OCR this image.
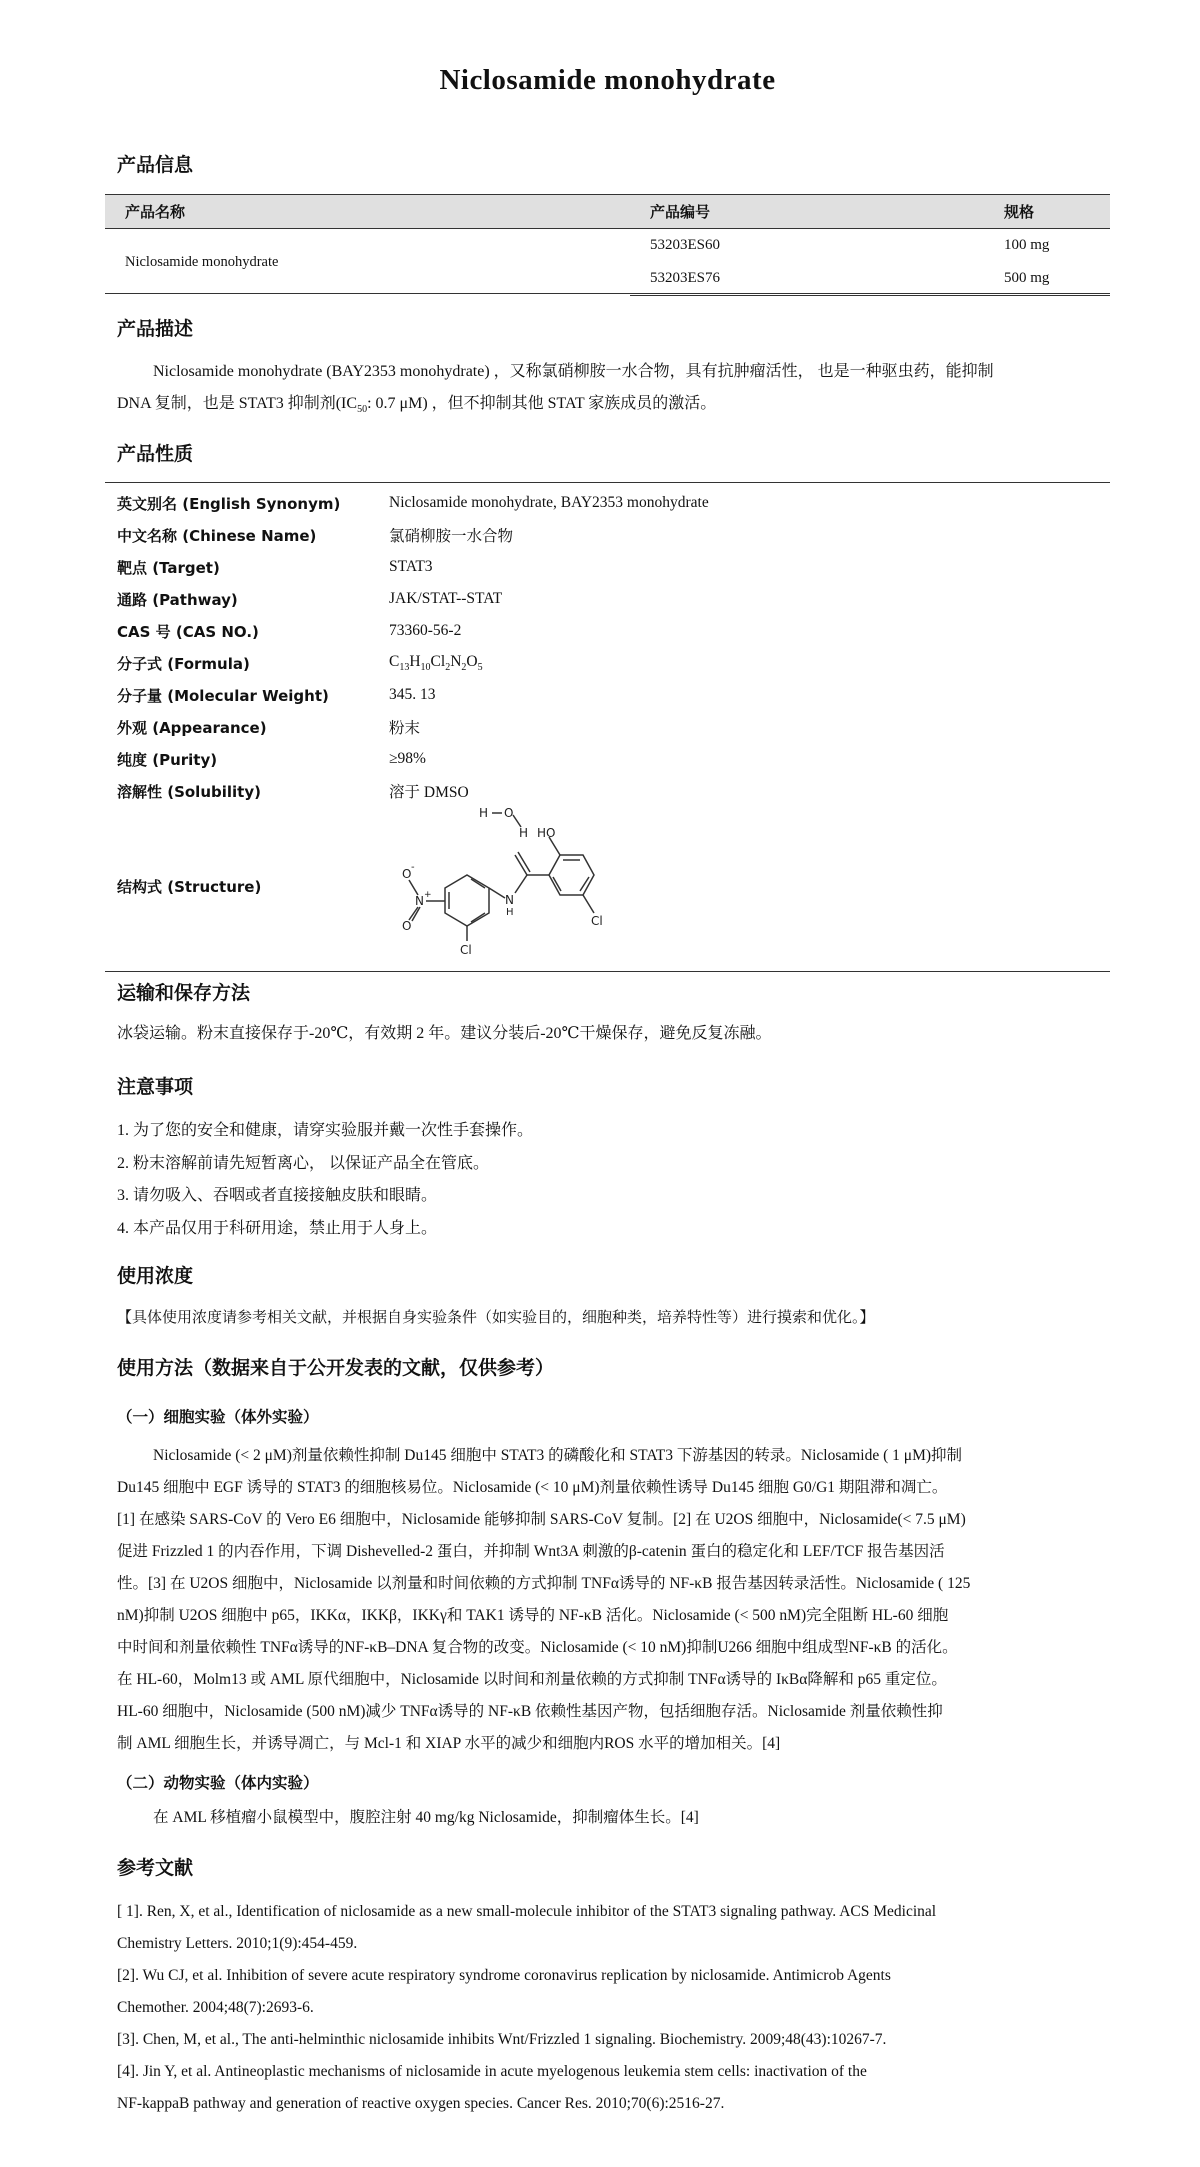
Niclosamide monohydrate
产品信息
产品名称	产品编号	规格
Niclosamide monohydrate	53203ES60	100 mg
	53203ES76	500 mg
产品描述
Niclosamide monohydrate (BAY2353 monohydrate) ，又称氯硝柳胺一水合物，具有抗肿瘤活性， 也是一种驱虫药，能抑制
DNA 复制，也是 STAT3 抑制剂($IC_{50}$: 0.7 μM) ，但不抑制其他 STAT 家族成员的激活。
产品性质
英文别名 (English Synonym)	Niclosamide monohydrate, BAY2353 monohydrate
中文名称 (Chinese Name)	氯硝柳胺一水合物
靶点 (Target)	STAT3
通路 (Pathway)	JAK/STAT--STAT
CAS 号 (CAS NO.)	73360-56-2
分子式 (Formula)	$C_{13}H_{10}Cl_2N_2O_5$
分子量 (Molecular Weight)	345. 13
外观 (Appearance)	粉末
纯度 (Purity)	≥98%
溶解性 (Solubility)	溶于 DMSO
结构式 (Structure)
H O
H HO
N
H
Cl
Cl
O -
N +
O
运输和保存方法
冰袋运输。粉末直接保存于-20℃，有效期 2 年。建议分装后-20℃干燥保存，避免反复冻融。
注意事项
1. 为了您的安全和健康，请穿实验服并戴一次性手套操作。
2. 粉末溶解前请先短暂离心， 以保证产品全在管底。
3. 请勿吸入、吞咽或者直接接触皮肤和眼睛。
4. 本产品仅用于科研用途，禁止用于人身上。
使用浓度
【具体使用浓度请参考相关文献，并根据自身实验条件（如实验目的，细胞种类，培养特性等）进行摸索和优化。】
使用方法（数据来自于公开发表的文献，仅供参考）
（一）细胞实验（体外实验）
Niclosamide (< 2 μM)剂量依赖性抑制 Du145 细胞中 STAT3 的磷酸化和 STAT3 下游基因的转录。Niclosamide ( 1 μM)抑制
Du145 细胞中 EGF 诱导的 STAT3 的细胞核易位。Niclosamide (< 10 μM)剂量依赖性诱导 Du145 细胞 G0/G1 期阻滞和凋亡。
[1] 在感染 SARS-CoV 的 Vero E6 细胞中，Niclosamide 能够抑制 SARS-CoV 复制。[2] 在 U2OS 细胞中，Niclosamide(< 7.5 μM)
促进 Frizzled 1 的内吞作用，下调 Dishevelled-2 蛋白，并抑制 Wnt3A 刺激的β-catenin 蛋白的稳定化和 LEF/TCF 报告基因活
性。[3] 在 U2OS 细胞中，Niclosamide 以剂量和时间依赖的方式抑制 TNFα诱导的 NF-κB 报告基因转录活性。Niclosamide ( 125
nM)抑制 U2OS 细胞中 p65，IKKα，IKKβ，IKKγ和 TAK1 诱导的 NF-κB 活化。Niclosamide (< 500 nM)完全阻断 HL-60 细胞
中时间和剂量依赖性 TNFα诱导的NF-κB–DNA 复合物的改变。Niclosamide (< 10 nM)抑制U266 细胞中组成型NF-κB 的活化。
在 HL-60，Molm13 或 AML 原代细胞中，Niclosamide 以时间和剂量依赖的方式抑制 TNFα诱导的 IκBα降解和 p65 重定位。
HL-60 细胞中，Niclosamide (500 nM)减少 TNFα诱导的 NF-κB 依赖性基因产物，包括细胞存活。Niclosamide 剂量依赖性抑
制 AML 细胞生长，并诱导凋亡，与 Mcl-1 和 XIAP 水平的减少和细胞内ROS 水平的增加相关。[4]
（二）动物实验（体内实验）
在 AML 移植瘤小鼠模型中，腹腔注射 40 mg/kg Niclosamide，抑制瘤体生长。[4]
参考文献
[ 1]. Ren, X, et al., Identification of niclosamide as a new small-molecule inhibitor of the STAT3 signaling pathway. ACS Medicinal
Chemistry Letters. 2010;1(9):454-459.
[2]. Wu CJ, et al. Inhibition of severe acute respiratory syndrome coronavirus replication by niclosamide. Antimicrob Agents
Chemother. 2004;48(7):2693-6.
[3]. Chen, M, et al., The anti-helminthic niclosamide inhibits Wnt/Frizzled 1 signaling. Biochemistry. 2009;48(43):10267-7.
[4]. Jin Y, et al. Antineoplastic mechanisms of niclosamide in acute myelogenous leukemia stem cells: inactivation of the
NF-kappaB pathway and generation of reactive oxygen species. Cancer Res. 2010;70(6):2516-27.
